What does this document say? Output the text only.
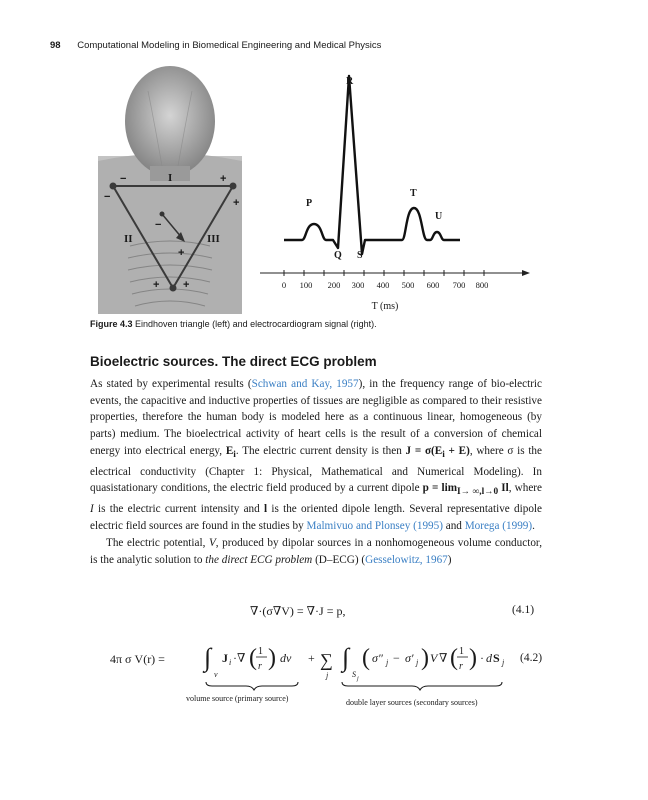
98 Computational Modeling in Biomedical Engineering and Medical Physics
I
II	III
−	+
−	+
−
+
+ +
P
Q
R
S
T
U
0 100 200 300 400 500 600 700 800
T (ms)
Figure 4.3 Eindhoven triangle (left) and electrocardiogram signal (right).
Bioelectric sources. The direct ECG problem

As stated by experimental results (Schwan and Kay, 1957), in the frequency range of bio-electric events, the capacitive and inductive properties of tissues are negligible as compared to their resistive properties, therefore the human body is modeled here as a continuous linear, homogeneous (by parts) medium. The bioelectrical activity of heart cells is the result of a conversion of chemical energy into electrical energy, $E_i$. The electric current density is then $J = \sigma(E_i + E)$, where σ is the electrical conductivity (Chapter 1: Physical, Mathematical and Numerical Modeling). In quasistationary conditions, the electric field produced by a current dipole $p = \lim_{I\to \infty,l\to 0} Il$, where I is the electric current intensity and l is the oriented dipole length. Several representative dipole electric field sources are found in the studies by Malmivuo and Plonsey (1995) and Morega (1999).

The electric potential, V, produced by dipolar sources in a nonhomogeneous volume conductor, is the analytic solution to the direct ECG problem (D–ECG) (Gesselowitz, 1967)

∇·(σ∇V) = ∇·J = p,	(4.1)
4π σ V(r) = ∫
v
J i ·∇ ( 1
r ) dv + ∑
j
∫
S j
( σ″ j − σ′ j ) V ∇ ( 1
r ) · d S j (4.2)
volume source (primary source)	double layer sources (secondary sources)
